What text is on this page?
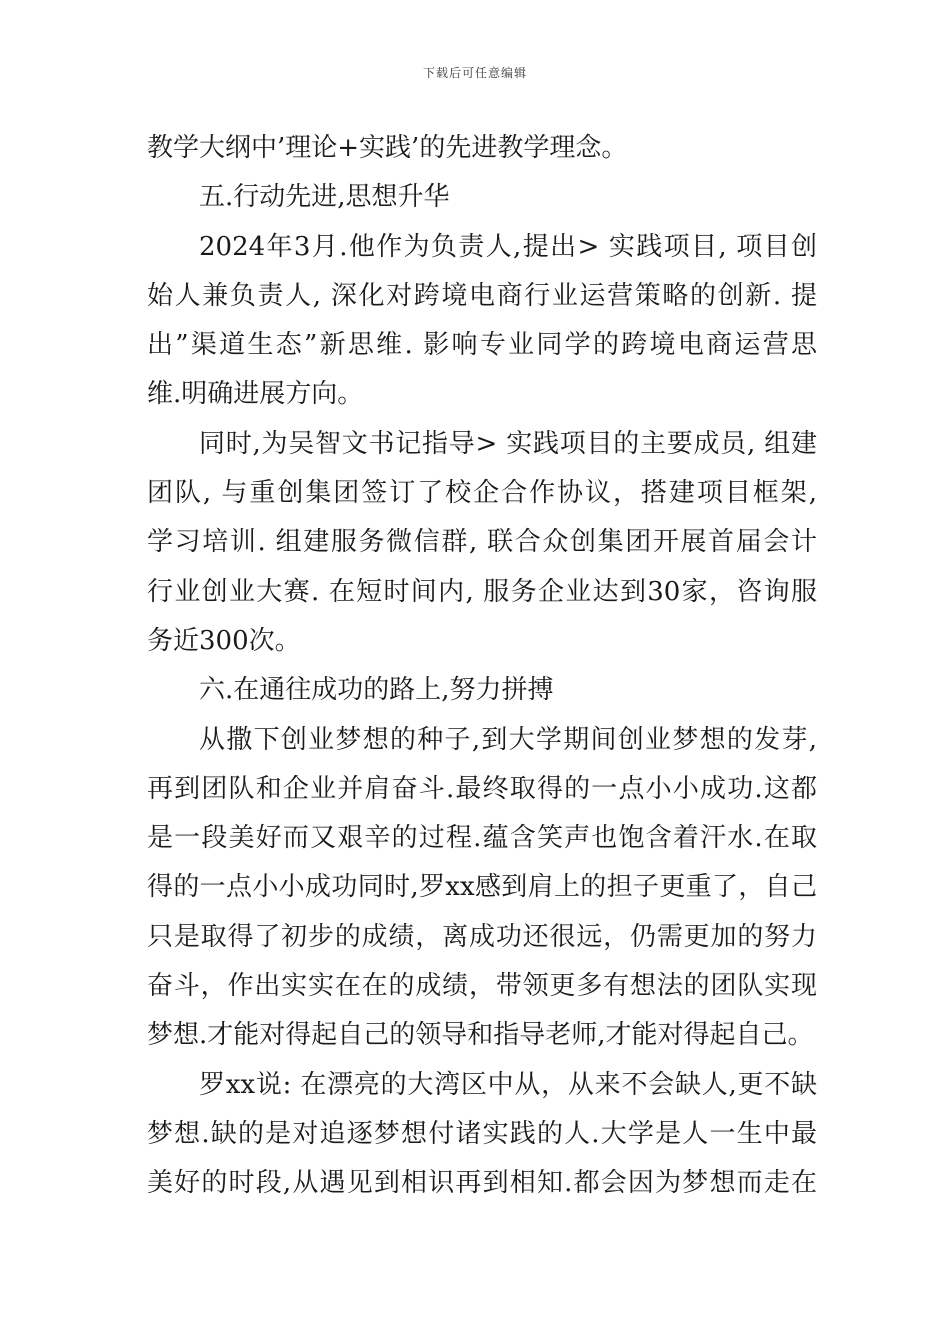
下载后可任意编辑
教学大纲中’理论+实践’的先进教学理念。
五.行动先进,思想升华
2024年3月.他作为负责人,提出> 实践项目, 项目创
始人兼负责人, 深化对跨境电商行业运营策略的创新. 提
出”渠道生态”新思维. 影响专业同学的跨境电商运营思
维.明确进展方向。
同时,为吴智文书记指导> 实践项目的主要成员, 组建
团队, 与重创集团签订了校企合作协议，搭建项目框架,
学习培训. 组建服务微信群, 联合众创集团开展首届会计
行业创业大赛. 在短时间内, 服务企业达到30家，咨询服
务近300次。
六.在通往成功的路上,努力拼搏
从撒下创业梦想的种子,到大学期间创业梦想的发芽,
再到团队和企业并肩奋斗.最终取得的一点小小成功.这都
是一段美好而又艰辛的过程.蕴含笑声也饱含着汗水.在取
得的一点小小成功同时,罗xx感到肩上的担子更重了，自己
只是取得了初步的成绩，离成功还很远，仍需更加的努力
奋斗，作出实实在在的成绩，带领更多有想法的团队实现
梦想.才能对得起自己的领导和指导老师,才能对得起自己。
罗xx说: 在漂亮的大湾区中从，从来不会缺人,更不缺
梦想.缺的是对追逐梦想付诸实践的人.大学是人一生中最
美好的时段,从遇见到相识再到相知.都会因为梦想而走在
